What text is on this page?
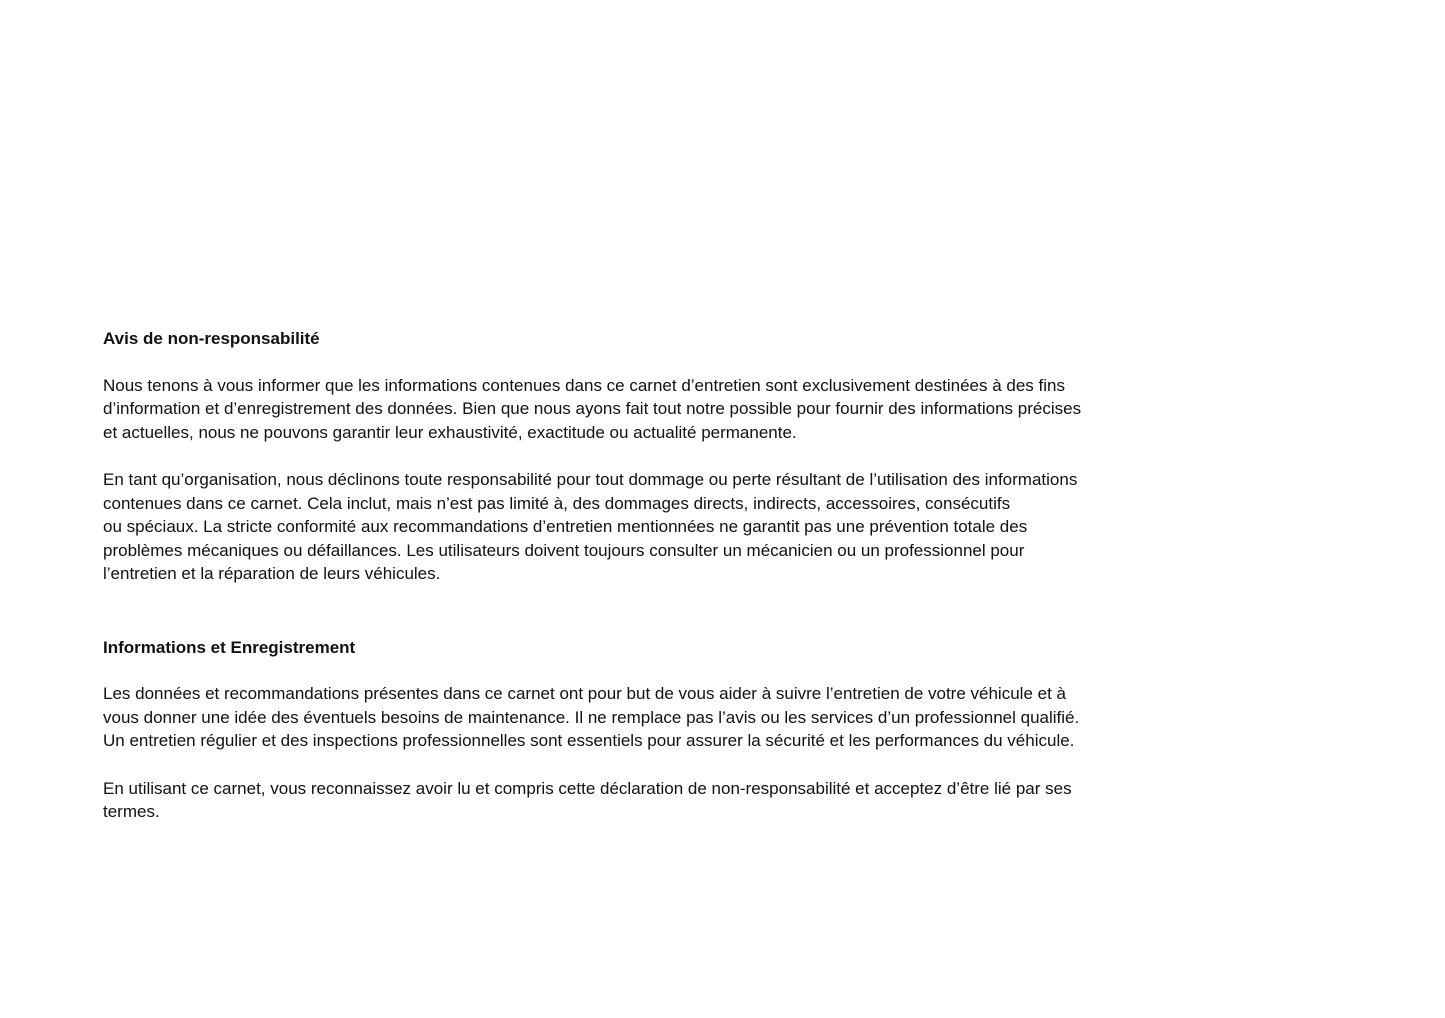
Avis de non-responsabilité
Nous tenons à vous informer que les informations contenues dans ce carnet d’entretien sont exclusivement destinées à des fins
d’information et d’enregistrement des données. Bien que nous ayons fait tout notre possible pour fournir des informations précises
et actuelles, nous ne pouvons garantir leur exhaustivité, exactitude ou actualité permanente.
En tant qu’organisation, nous déclinons toute responsabilité pour tout dommage ou perte résultant de l’utilisation des informations
contenues dans ce carnet. Cela inclut, mais n’est pas limité à, des dommages directs, indirects, accessoires, consécutifs
ou spéciaux. La stricte conformité aux recommandations d’entretien mentionnées ne garantit pas une prévention totale des
problèmes mécaniques ou défaillances. Les utilisateurs doivent toujours consulter un mécanicien ou un professionnel pour
l’entretien et la réparation de leurs véhicules.
Informations et Enregistrement
Les données et recommandations présentes dans ce carnet ont pour but de vous aider à suivre l’entretien de votre véhicule et à
vous donner une idée des éventuels besoins de maintenance. Il ne remplace pas l’avis ou les services d’un professionnel qualifié.
Un entretien régulier et des inspections professionnelles sont essentiels pour assurer la sécurité et les performances du véhicule.
En utilisant ce carnet, vous reconnaissez avoir lu et compris cette déclaration de non-responsabilité et acceptez d’être lié par ses
termes.
